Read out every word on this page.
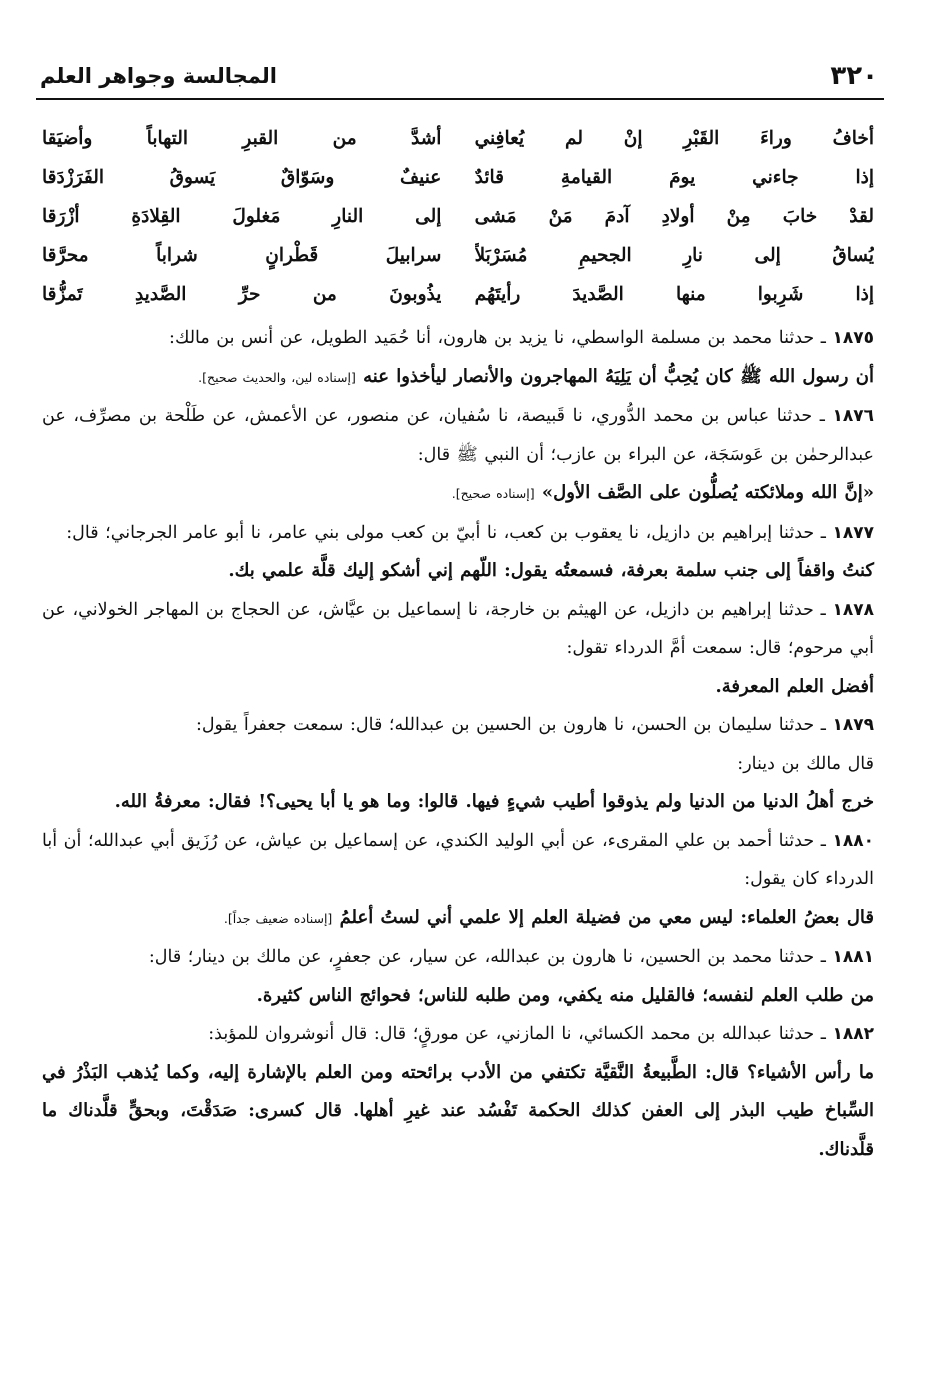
٣٢٠
المجالسة وجواهر العلم
أخافُ وراءَ القَبْرِ إنْ لم يُعافِني
أشدَّ من القبرِ التهاباً وأضيَقا
إذا جاءني يومَ القيامةِ قائدٌ
عنيفٌ وسَوّاقٌ يَسوقُ الفَرَزْدَقا
لقدْ خابَ مِنْ أولادِ آدمَ مَنْ مَشى
إلى النارِ مَغلولَ القِلادَةِ أزْرَقا
يُساقُ إلى نارِ الجحيمِ مُسَرْبَلاً
سرابيلَ قَطْرانٍ شراباً محرَّقا
إذا شَرِبوا منها الصَّديدَ رأيتَهُم
يذُوبونَ من حرِّ الصَّديدِ تَمزُّقا

١٨٧٥ ـ حدثنا محمد بن مسلمة الواسطي، نا يزيد بن هارون، أنا حُمَيد الطويل، عن أنس بن مالك:

أن رسول الله ﷺ كان يُحِبُّ أن يَلِيَهُ المهاجرون والأنصار ليأخذوا عنه [إسناده لين، والحديث صحيح].

١٨٧٦ ـ حدثنا عباس بن محمد الدُّوري، نا قَبيصة، نا سُفيان، عن منصور، عن الأعمش، عن طَلْحة بن مصرِّف، عن عبدالرحمٰن بن عَوسَجَة، عن البراء بن عازب؛ أن النبي ﷺ قال:

«إنَّ الله وملائكته يُصلُّون على الصَّف الأول» [إسناده صحيح].

١٨٧٧ ـ حدثنا إبراهيم بن دازيل، نا يعقوب بن كعب، نا أبيّ بن كعب مولى بني عامر، نا أبو عامر الجرجاني؛ قال:

كنتُ واقفاً إلى جنب سلمة بعرفة، فسمعتُه يقول: اللّهم إني أشكو إليك قلَّة علمي بك.

١٨٧٨ ـ حدثنا إبراهيم بن دازيل، عن الهيثم بن خارجة، نا إسماعيل بن عيَّاش، عن الحجاج بن المهاجر الخولاني، عن أبي مرحوم؛ قال: سمعت أمَّ الدرداء تقول:

أفضل العلم المعرفة.

١٨٧٩ ـ حدثنا سليمان بن الحسن، نا هارون بن الحسين بن عبدالله؛ قال: سمعت جعفراً يقول:

قال مالك بن دينار:

خرج أهلُ الدنيا من الدنيا ولم يذوقوا أطيب شيءٍ فيها. قالوا: وما هو يا أبا يحيى؟! فقال: معرفةُ الله.

١٨٨٠ ـ حدثنا أحمد بن علي المقرىء، عن أبي الوليد الكندي، عن إسماعيل بن عياش، عن رُزَيق أبي عبدالله؛ أن أبا الدرداء كان يقول:

قال بعضُ العلماء: ليس معي من فضيلة العلم إلا علمي أني لستُ أعلمُ [إسناده ضعيف جداً].

١٨٨١ ـ حدثنا محمد بن الحسين، نا هارون بن عبدالله، عن سيار، عن جعفرٍ، عن مالك بن دينار؛ قال:

من طلب العلم لنفسه؛ فالقليل منه يكفي، ومن طلبه للناس؛ فحوائج الناس كثيرة.

١٨٨٢ ـ حدثنا عبدالله بن محمد الكسائي، نا المازني، عن مورقٍ؛ قال: قال أنوشروان للمؤبذ:

ما رأس الأشياء؟ قال: الطَّبيعةُ النَّقيَّة تكتفي من الأدب برائحته ومن العلم بالإشارة إليه، وكما يُذهب البَذْرُ في السِّباخ طيب البذر إلى العفن كذلك الحكمة تَفْسُد عند غيرِ أهلها. قال كسرى: صَدَقْتَ، وبحقٍّ قلَّدناك ما قلَّدناك.
